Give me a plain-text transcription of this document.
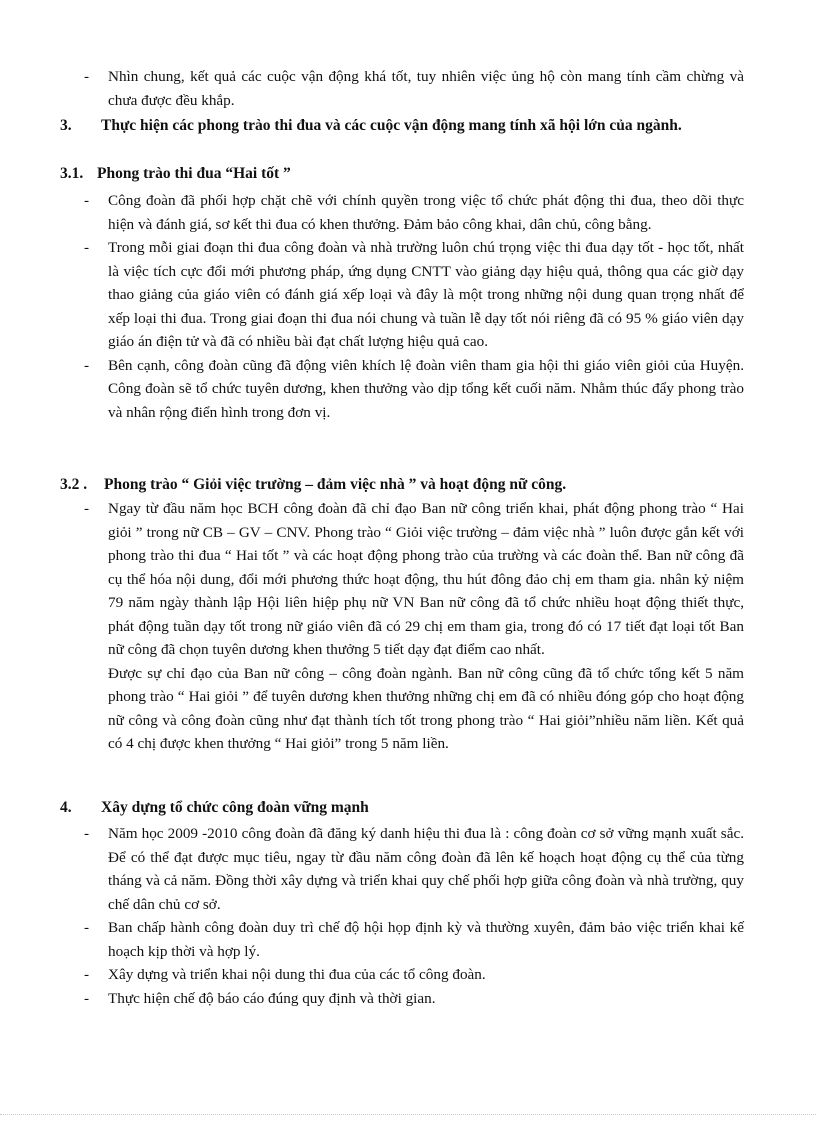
- Nhìn chung, kết quả các cuộc vận động khá tốt, tuy nhiên việc ủng hộ còn mang tính cầm chừng và chưa được đều khắp.
3. Thực hiện các phong trào thi đua và các cuộc vận động mang tính xã hội lớn của ngành.
3.1. Phong trào thi đua “Hai tốt ”
- Công đoàn đã phối hợp chặt chẽ với chính quyền trong việc tổ chức phát động thi đua, theo dõi thực hiện và đánh giá, sơ kết thi đua có khen thưởng. Đảm bảo công khai, dân chủ, công bằng.
- Trong mỗi giai đoạn thi đua công đoàn và nhà trường luôn chú trọng việc thi đua dạy tốt - học tốt, nhất là việc tích cực đổi mới phương pháp, ứng dụng CNTT vào giảng dạy hiệu quả, thông qua các giờ dạy thao giảng của giáo viên có đánh giá xếp loại và đây là một trong những nội dung quan trọng nhất để xếp loại thi đua. Trong giai đoạn thi đua nói chung và tuần lễ dạy tốt nói riêng đã có 95 % giáo viên dạy giáo án điện tử và đã có nhiều bài đạt chất lượng hiệu quả cao.
- Bên cạnh, công đoàn cũng đã động viên khích lệ đoàn viên tham gia hội thi giáo viên giỏi của Huyện. Công đoàn sẽ tổ chức tuyên dương, khen thưởng vào dịp tổng kết cuối năm. Nhằm thúc đẩy phong trào và nhân rộng điển hình trong đơn vị.
3.2 . Phong trào “ Giỏi việc trường – đảm việc nhà ” và hoạt động nữ công.
- Ngay từ đầu năm học BCH công đoàn đã chỉ đạo Ban nữ công triển khai, phát động phong trào “ Hai giỏi ” trong nữ CB – GV – CNV. Phong trào “ Giỏi việc trường – đảm việc nhà ” luôn được gắn kết với phong trào thi đua “ Hai tốt ” và các hoạt động phong trào của trường và các đoàn thể. Ban nữ công đã cụ thể hóa nội dung, đổi mới phương thức hoạt động, thu hút đông đảo chị em tham gia. nhân kỷ niệm 79 năm ngày thành lập Hội liên hiệp phụ nữ VN Ban nữ công đã tổ chức nhiều hoạt động thiết thực, phát động tuần dạy tốt trong nữ giáo viên đã có 29 chị em tham gia, trong đó có 17 tiết đạt loại tốt Ban nữ công đã chọn tuyên dương khen thưởng 5 tiết dạy đạt điểm cao nhất.
Được sự chỉ đạo của Ban nữ công – công đoàn ngành. Ban nữ công cũng đã tổ chức tổng kết 5 năm phong trào “ Hai giỏi ” để tuyên dương khen thưởng những chị em đã có nhiều đóng góp cho hoạt động nữ công và công đoàn cũng như đạt thành tích tốt trong phong trào “ Hai giỏi”nhiều năm liền. Kết quả có 4 chị được khen thưởng “ Hai giỏi” trong 5 năm liền.
4. Xây dựng tổ chức công đoàn vững mạnh
- Năm học 2009 -2010 công đoàn đã đăng ký danh hiệu thi đua là : công đoàn cơ sở vững mạnh xuất sắc. Để có thể đạt được mục tiêu, ngay từ đầu năm công đoàn đã lên kế hoạch hoạt động cụ thể của từng tháng và cả năm. Đồng thời xây dựng và triển khai quy chế phối hợp giữa công đoàn và nhà trường, quy chế dân chủ cơ sở.
- Ban chấp hành công đoàn duy trì chế độ hội họp định kỳ và thường xuyên, đảm bảo việc triển khai kế hoạch kịp thời và hợp lý.
- Xây dựng và triển khai nội dung thi đua của các tổ công đoàn.
- Thực hiện chế độ báo cáo đúng quy định và thời gian.
